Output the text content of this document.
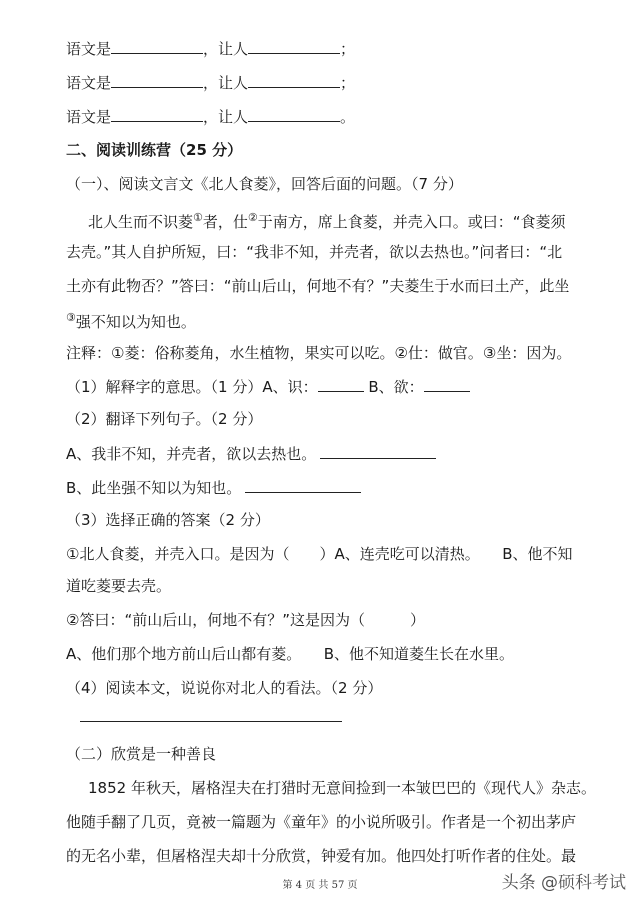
语文是	，让人	；
语文是	，让人	；
语文是	，让人	。
二、阅读训练营（25 分）
（一）、阅读文言文《北人食菱》，回答后面的问题。（7 分）
北人生而不识菱①者，仕②于南方，席上食菱，并壳入口。或曰：“食菱须
去壳。”其人自护所短，曰：“我非不知，并壳者，欲以去热也。”问者曰：“北
土亦有此物否？”答曰：“前山后山，何地不有？”夫菱生于水而曰土产，此坐
③强不知以为知也。
注释：①菱：俗称菱角，水生植物，果实可以吃。②仕：做官。③坐：因为。
（1）解释字的意思。（1 分）A、识：	B、欲：
（2）翻译下列句子。（2 分）
A、我非不知，并壳者，欲以去热也。
B、此坐强不知以为知也。
（3）选择正确的答案（2 分）
①北人食菱，并壳入口。是因为（　　）A、连壳吃可以清热。　　B、他不知
道吃菱要去壳。
②答曰：“前山后山，何地不有？”这是因为（　　　）
A、他们那个地方前山后山都有菱。　　B、他不知道菱生长在水里。
（4）阅读本文，说说你对北人的看法。（2 分）
（二）欣赏是一种善良
1852 年秋天，屠格涅夫在打猎时无意间捡到一本皱巴巴的《现代人》杂志。
他随手翻了几页，竟被一篇题为《童年》的小说所吸引。作者是一个初出茅庐
的无名小辈，但屠格涅夫却十分欣赏，钟爱有加。他四处打听作者的住处。最
第 4 页 共 57 页	头条 @硕科考试
